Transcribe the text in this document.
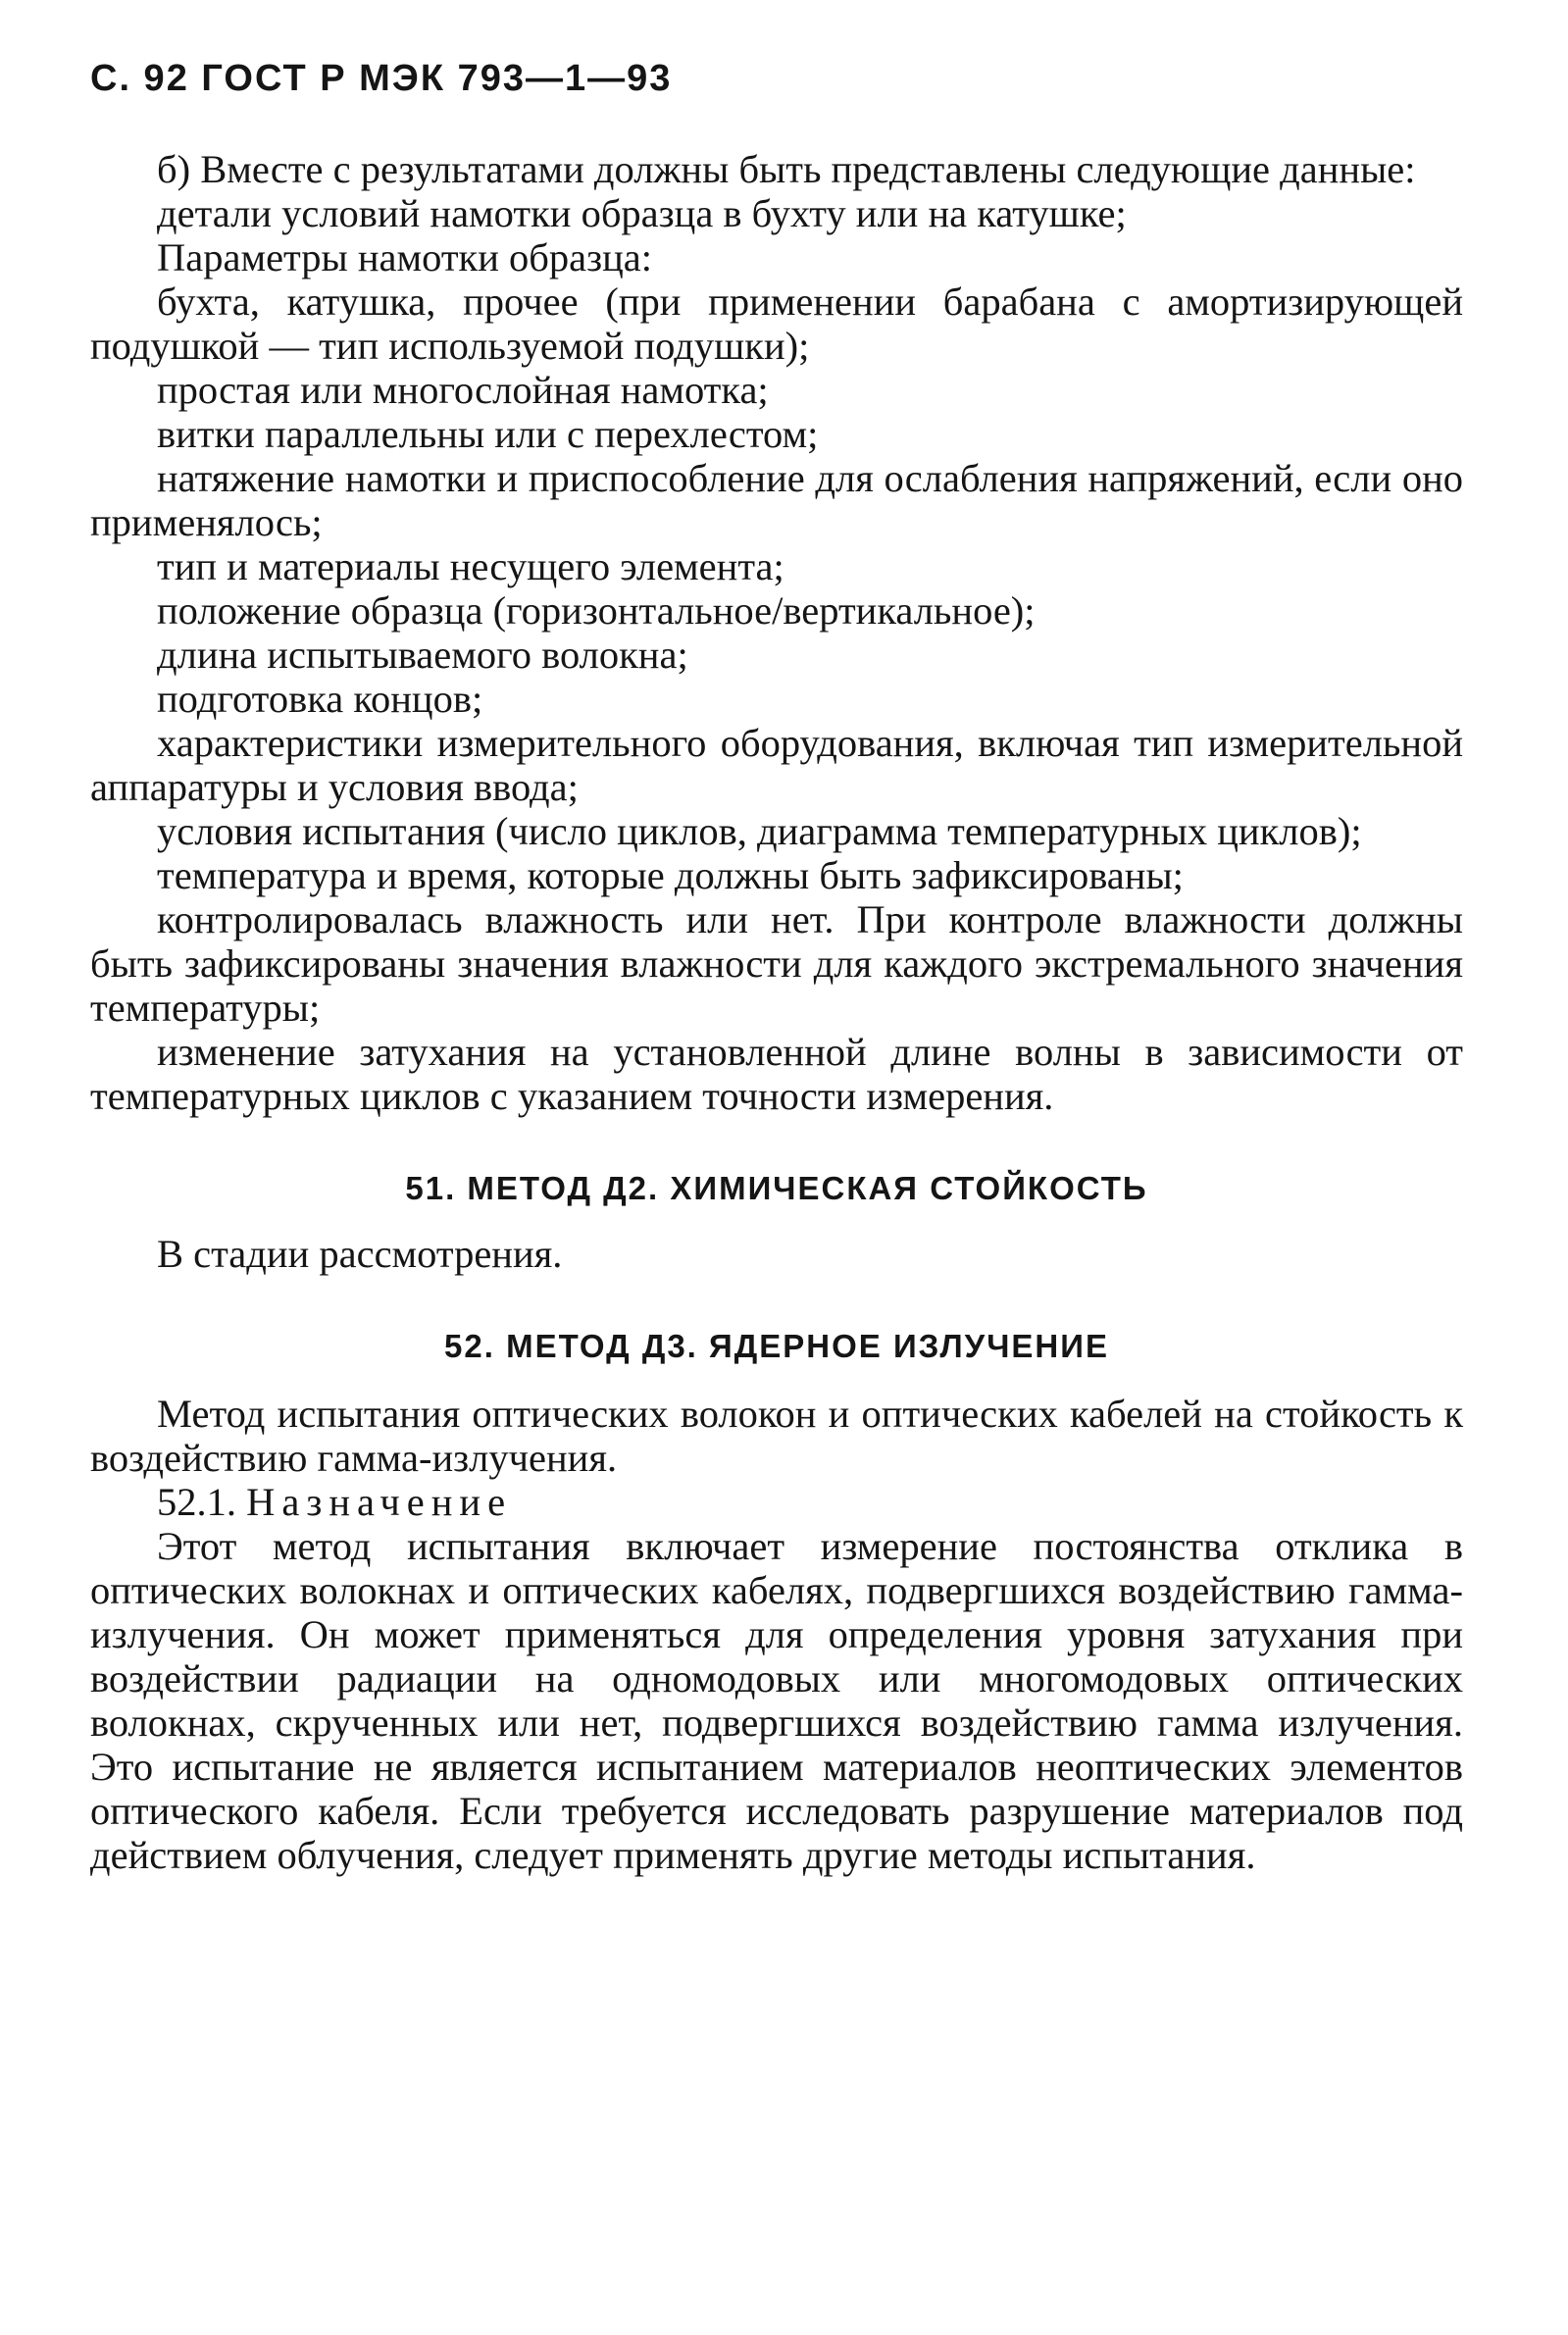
С. 92 ГОСТ Р МЭК 793—1—93

б) Вместе с результатами должны быть представлены следующие данные:

детали условий намотки образца в бухту или на катушке;

Параметры намотки образца:

бухта, катушка, прочее (при применении барабана с амортизирующей подушкой — тип используемой подушки);

простая или многослойная намотка;

витки параллельны или с перехлестом;

натяжение намотки и приспособление для ослабления напряжений, если оно применялось;

тип и материалы несущего элемента;

положение образца (горизонтальное/вертикальное);

длина испытываемого волокна;

подготовка концов;

характеристики измерительного оборудования, включая тип измерительной аппаратуры и условия ввода;

условия испытания (число циклов, диаграмма температурных циклов);

температура и время, которые должны быть зафиксированы;

контролировалась влажность или нет. При контроле влажности должны быть зафиксированы значения влажности для каждого экстремального значения температуры;

изменение затухания на установленной длине волны в зависимости от температурных циклов с указанием точности измерения.

51. МЕТОД Д2. ХИМИЧЕСКАЯ СТОЙКОСТЬ

В стадии рассмотрения.

52. МЕТОД Д3. ЯДЕРНОЕ ИЗЛУЧЕНИЕ

Метод испытания оптических волокон и оптических кабелей на стойкость к воздействию гамма-излучения.

52.1. Назначение

Этот метод испытания включает измерение постоянства отклика в оптических волокнах и оптических кабелях, подвергшихся воздействию гамма-излучения. Он может применяться для определения уровня затухания при воздействии радиации на одномодовых или многомодовых оптических волокнах, скрученных или нет, подвергшихся воздействию гамма излучения. Это испытание не является испытанием материалов неоптических элементов оптического кабеля. Если требуется исследовать разрушение материалов под действием облучения, следует применять другие методы испытания.
